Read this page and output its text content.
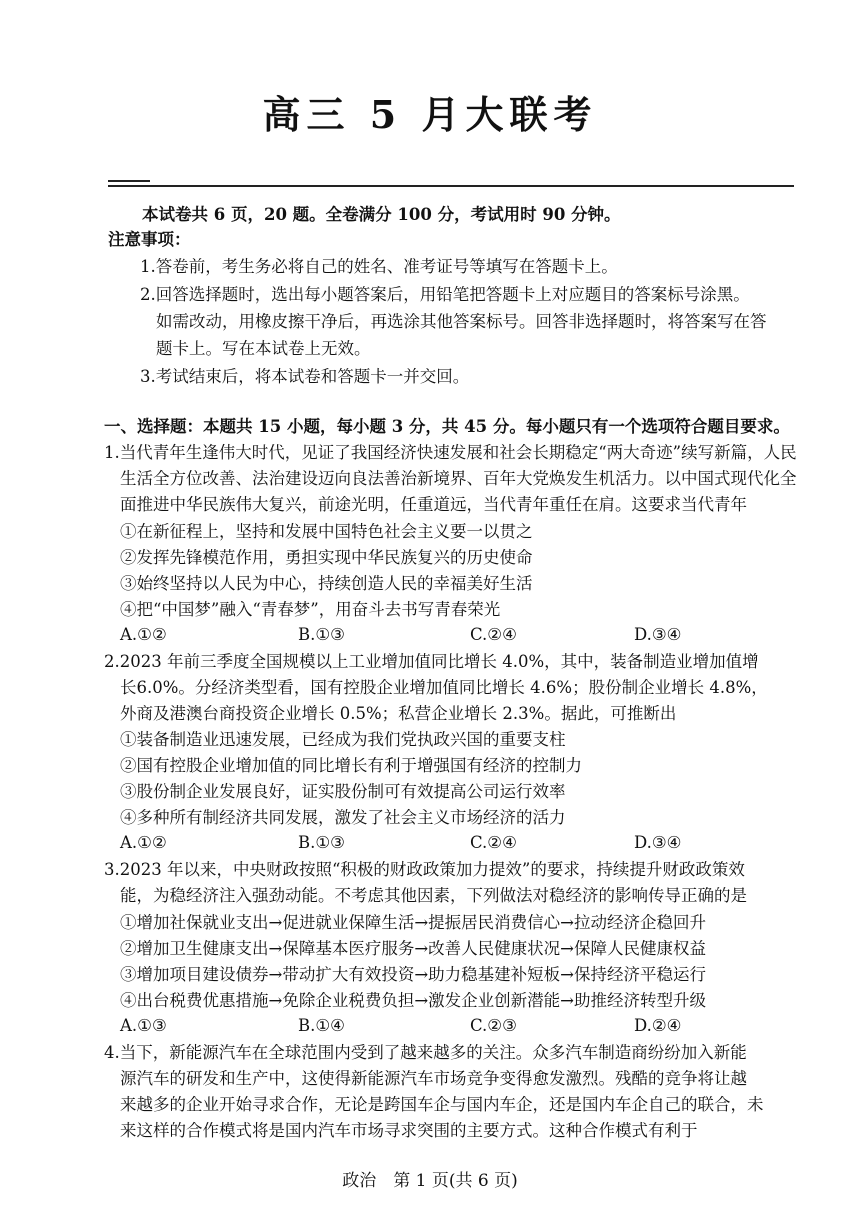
高三 5 月大联考
本试卷共 6 页，20 题。全卷满分 100 分，考试用时 90 分钟。
注意事项：
1.答卷前，考生务必将自己的姓名、准考证号等填写在答题卡上。
2.回答选择题时，选出每小题答案后，用铅笔把答题卡上对应题目的答案标号涂黑。
如需改动，用橡皮擦干净后，再选涂其他答案标号。回答非选择题时，将答案写在答
题卡上。写在本试卷上无效。
3.考试结束后，将本试卷和答题卡一并交回。
一、选择题：本题共 15 小题，每小题 3 分，共 45 分。每小题只有一个选项符合题目要求。
1.当代青年生逢伟大时代，见证了我国经济快速发展和社会长期稳定“两大奇迹”续写新篇，人民
生活全方位改善、法治建设迈向良法善治新境界、百年大党焕发生机活力。以中国式现代化全
面推进中华民族伟大复兴，前途光明，任重道远，当代青年重任在肩。这要求当代青年
①在新征程上，坚持和发展中国特色社会主义要一以贯之
②发挥先锋模范作用，勇担实现中华民族复兴的历史使命
③始终坚持以人民为中心，持续创造人民的幸福美好生活
④把“中国梦”融入“青春梦”，用奋斗去书写青春荣光
A.①②	B.①③	C.②④	D.③④
2.2023 年前三季度全国规模以上工业增加值同比增长 4.0%，其中，装备制造业增加值增
长6.0%。分经济类型看，国有控股企业增加值同比增长 4.6%；股份制企业增长 4.8%，
外商及港澳台商投资企业增长 0.5%；私营企业增长 2.3%。据此，可推断出
①装备制造业迅速发展，已经成为我们党执政兴国的重要支柱
②国有控股企业增加值的同比增长有利于增强国有经济的控制力
③股份制企业发展良好，证实股份制可有效提高公司运行效率
④多种所有制经济共同发展，激发了社会主义市场经济的活力
A.①②	B.①③	C.②④	D.③④
3.2023 年以来，中央财政按照“积极的财政政策加力提效”的要求，持续提升财政政策效
能，为稳经济注入强劲动能。不考虑其他因素，下列做法对稳经济的影响传导正确的是
①增加社保就业支出→促进就业保障生活→提振居民消费信心→拉动经济企稳回升
②增加卫生健康支出→保障基本医疗服务→改善人民健康状况→保障人民健康权益
③增加项目建设债券→带动扩大有效投资→助力稳基建补短板→保持经济平稳运行
④出台税费优惠措施→免除企业税费负担→激发企业创新潜能→助推经济转型升级
A.①③	B.①④	C.②③	D.②④
4.当下，新能源汽车在全球范围内受到了越来越多的关注。众多汽车制造商纷纷加入新能
源汽车的研发和生产中，这使得新能源汽车市场竞争变得愈发激烈。残酷的竞争将让越
来越多的企业开始寻求合作，无论是跨国车企与国内车企，还是国内车企自己的联合，未
来这样的合作模式将是国内汽车市场寻求突围的主要方式。这种合作模式有利于
政治　第 1 页(共 6 页)
